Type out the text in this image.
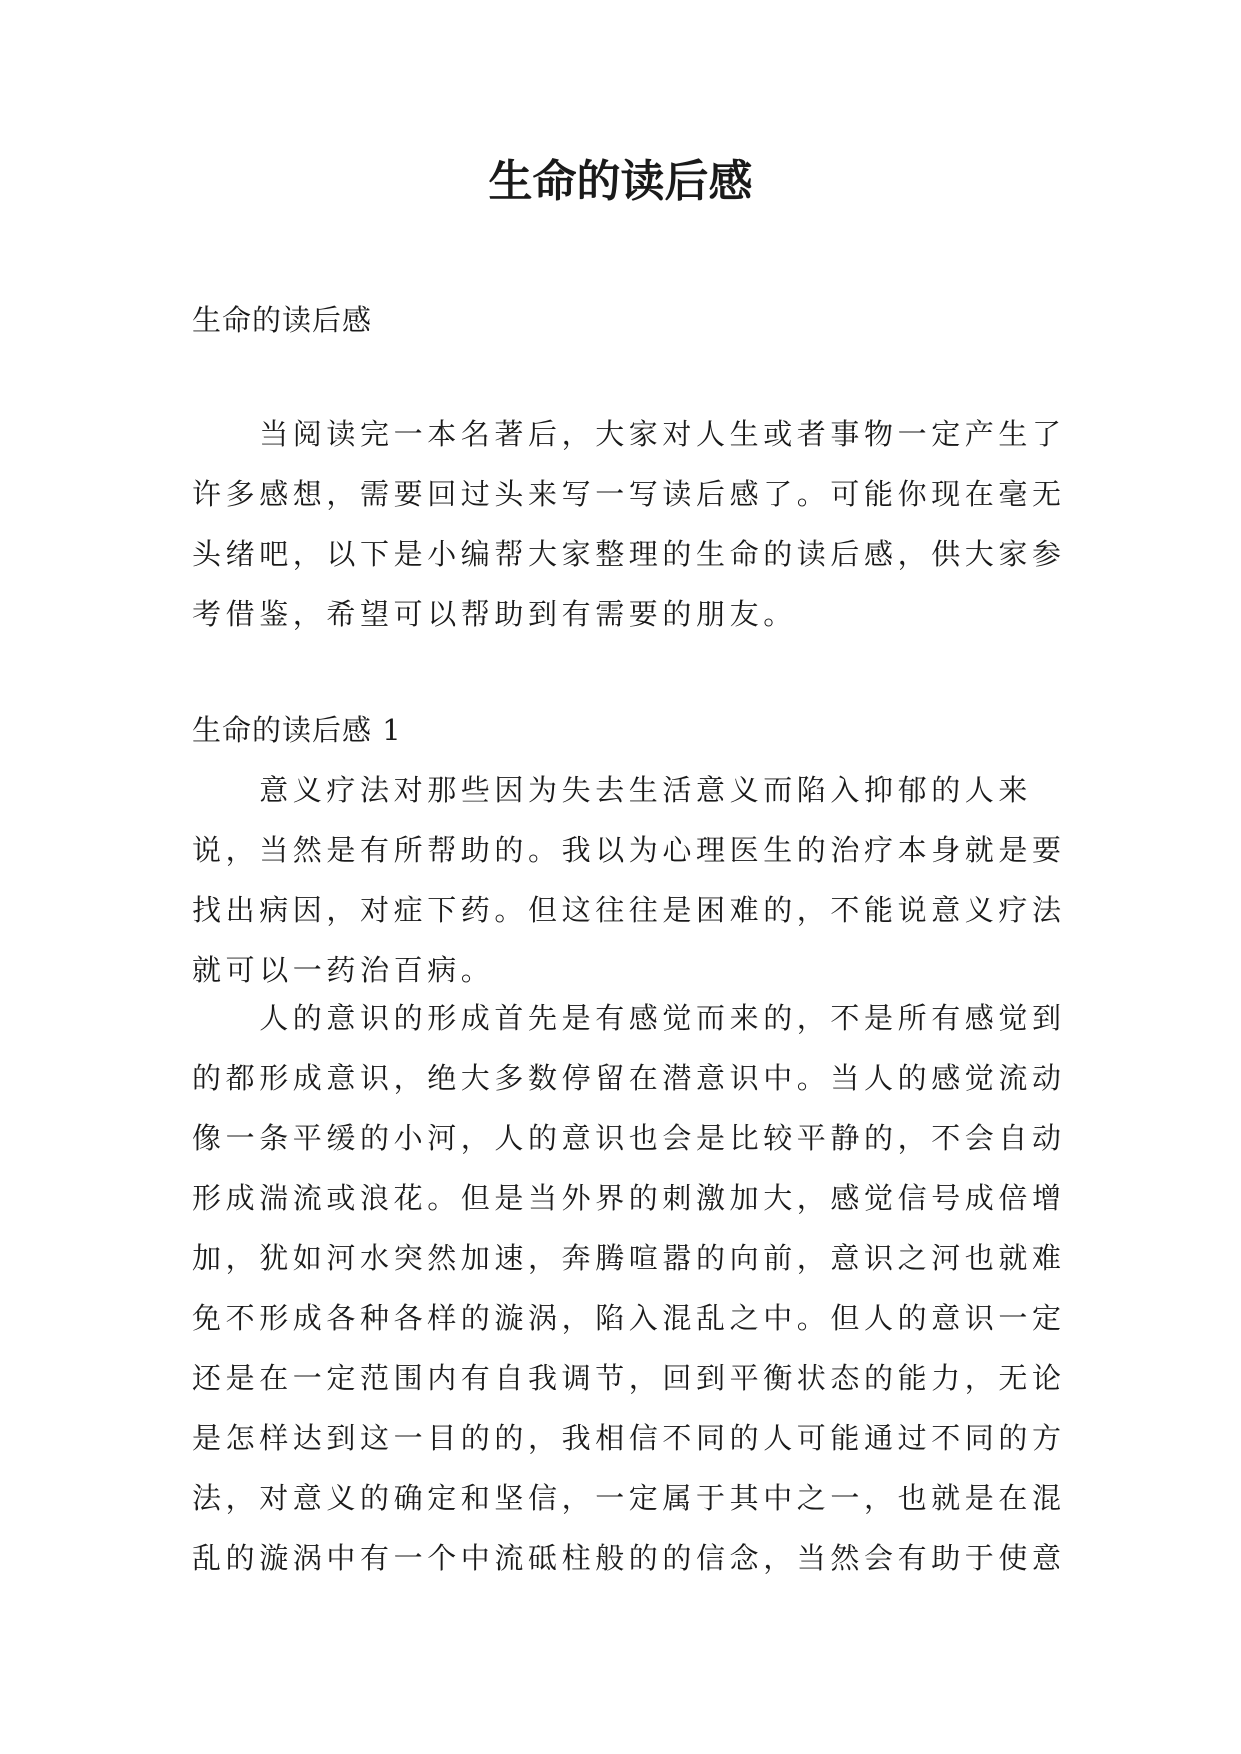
生命的读后感

生命的读后感

　　当阅读完一本名著后，大家对人生或者事物一定产生了
许多感想，需要回过头来写一写读后感了。可能你现在毫无
头绪吧，以下是小编帮大家整理的生命的读后感，供大家参
考借鉴，希望可以帮助到有需要的朋友。

生命的读后感 1

　　意义疗法对那些因为失去生活意义而陷入抑郁的人来
说，当然是有所帮助的。我以为心理医生的治疗本身就是要
找出病因，对症下药。但这往往是困难的，不能说意义疗法
就可以一药治百病。
　　人的意识的形成首先是有感觉而来的，不是所有感觉到
的都形成意识，绝大多数停留在潜意识中。当人的感觉流动
像一条平缓的小河，人的意识也会是比较平静的，不会自动
形成湍流或浪花。但是当外界的刺激加大，感觉信号成倍增
加，犹如河水突然加速，奔腾喧嚣的向前，意识之河也就难
免不形成各种各样的漩涡，陷入混乱之中。但人的意识一定
还是在一定范围内有自我调节，回到平衡状态的能力，无论
是怎样达到这一目的的，我相信不同的人可能通过不同的方
法，对意义的确定和坚信，一定属于其中之一，也就是在混
乱的漩涡中有一个中流砥柱般的的信念，当然会有助于使意
